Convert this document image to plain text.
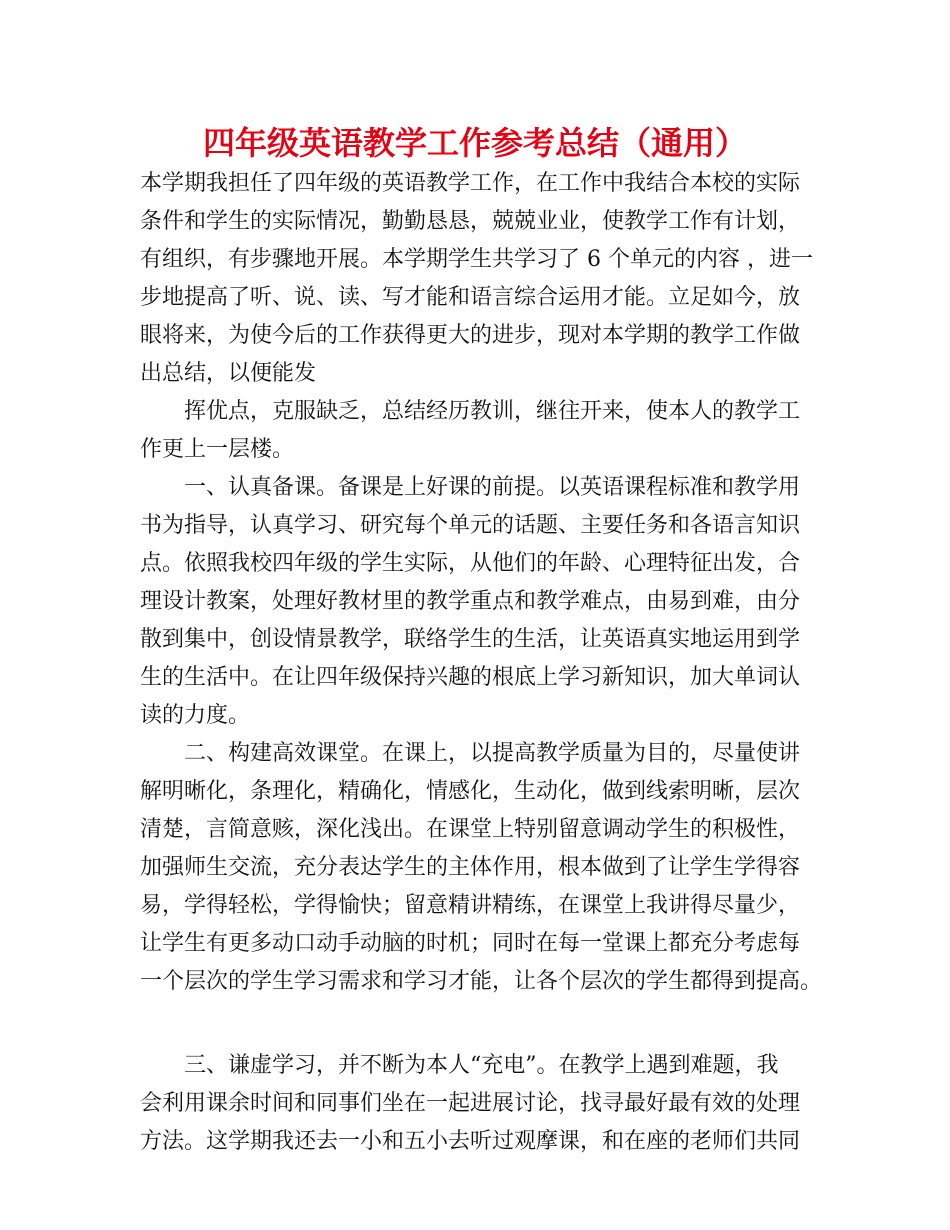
四年级英语教学工作参考总结（通用）
本学期我担任了四年级的英语教学工作，在工作中我结合本校的实际
条件和学生的实际情况，勤勤恳恳，兢兢业业，使教学工作有计划，
有组织，有步骤地开展。本学期学生共学习了 6 个单元的内容 ，进一
步地提高了听、说、读、写才能和语言综合运用才能。立足如今，放
眼将来，为使今后的工作获得更大的进步，现对本学期的教学工作做
出总结，以便能发
挥优点，克服缺乏，总结经历教训，继往开来，使本人的教学工
作更上一层楼。
一、认真备课。备课是上好课的前提。以英语课程标准和教学用
书为指导，认真学习、研究每个单元的话题、主要任务和各语言知识
点。依照我校四年级的学生实际，从他们的年龄、心理特征出发，合
理设计教案，处理好教材里的教学重点和教学难点，由易到难，由分
散到集中，创设情景教学，联络学生的生活，让英语真实地运用到学
生的生活中。在让四年级保持兴趣的根底上学习新知识，加大单词认
读的力度。
二、构建高效课堂。在课上，以提高教学质量为目的，尽量使讲
解明晰化，条理化，精确化，情感化，生动化，做到线索明晰，层次
清楚，言简意赅，深化浅出。在课堂上特别留意调动学生的积极性，
加强师生交流，充分表达学生的主体作用，根本做到了让学生学得容
易，学得轻松，学得愉快；留意精讲精练，在课堂上我讲得尽量少，
让学生有更多动口动手动脑的时机；同时在每一堂课上都充分考虑每
一个层次的学生学习需求和学习才能，让各个层次的学生都得到提高。
三、谦虚学习，并不断为本人“充电”。在教学上遇到难题，我
会利用课余时间和同事们坐在一起进展讨论，找寻最好最有效的处理
方法。这学期我还去一小和五小去听过观摩课，和在座的老师们共同
